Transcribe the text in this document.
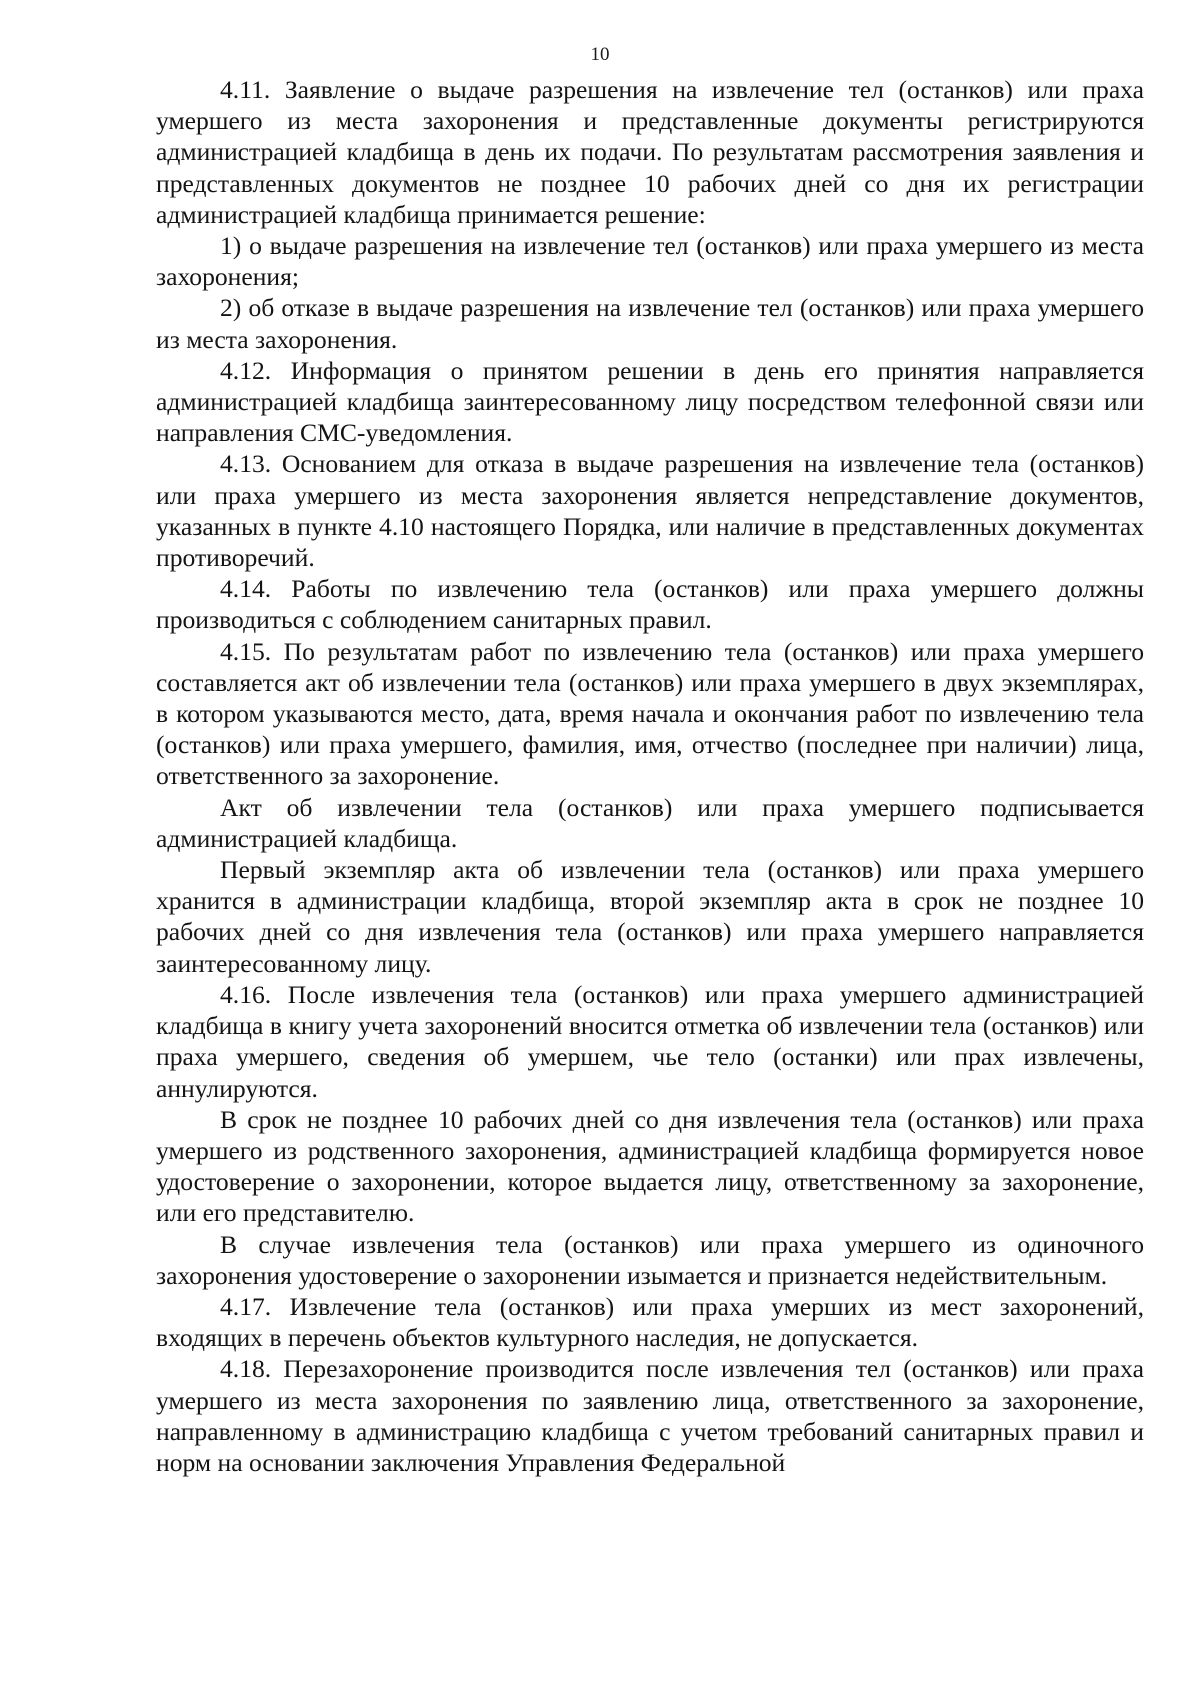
10

4.11. Заявление о выдаче разрешения на извлечение тел (останков) или праха умершего из места захоронения и представленные документы регистрируются администрацией кладбища в день их подачи. По результатам рассмотрения заявления и представленных документов не позднее 10 рабочих дней со дня их регистрации администрацией кладбища принимается решение:

1) о выдаче разрешения на извлечение тел (останков) или праха умершего из места захоронения;

2) об отказе в выдаче разрешения на извлечение тел (останков) или праха умершего из места захоронения.

4.12. Информация о принятом решении в день его принятия направляется администрацией кладбища заинтересованному лицу посредством телефонной связи или направления СМС-уведомления.

4.13. Основанием для отказа в выдаче разрешения на извлечение тела (останков) или праха умершего из места захоронения является непредставление документов, указанных в пункте 4.10 настоящего Порядка, или наличие в представленных документах противоречий.

4.14. Работы по извлечению тела (останков) или праха умершего должны производиться с соблюдением санитарных правил.

4.15. По результатам работ по извлечению тела (останков) или праха умершего составляется акт об извлечении тела (останков) или праха умершего в двух экземплярах, в котором указываются место, дата, время начала и окончания работ по извлечению тела (останков) или праха умершего, фамилия, имя, отчество (последнее при наличии) лица, ответственного за захоронение.

Акт об извлечении тела (останков) или праха умершего подписывается администрацией кладбища.

Первый экземпляр акта об извлечении тела (останков) или праха умершего хранится в администрации кладбища, второй экземпляр акта в срок не позднее 10 рабочих дней со дня извлечения тела (останков) или праха умершего направляется заинтересованному лицу.

4.16. После извлечения тела (останков) или праха умершего администрацией кладбища в книгу учета захоронений вносится отметка об извлечении тела (останков) или праха умершего, сведения об умершем, чье тело (останки) или прах извлечены, аннулируются.

В срок не позднее 10 рабочих дней со дня извлечения тела (останков) или праха умершего из родственного захоронения, администрацией кладбища формируется новое удостоверение о захоронении, которое выдается лицу, ответственному за захоронение, или его представителю.

В случае извлечения тела (останков) или праха умершего из одиночного захоронения удостоверение о захоронении изымается и признается недействительным.

4.17. Извлечение тела (останков) или праха умерших из мест захоронений, входящих в перечень объектов культурного наследия, не допускается.

4.18. Перезахоронение производится после извлечения тел (останков) или праха умершего из места захоронения по заявлению лица, ответственного за захоронение, направленному в администрацию кладбища с учетом требований санитарных правил и норм на основании заключения Управления Федеральной
